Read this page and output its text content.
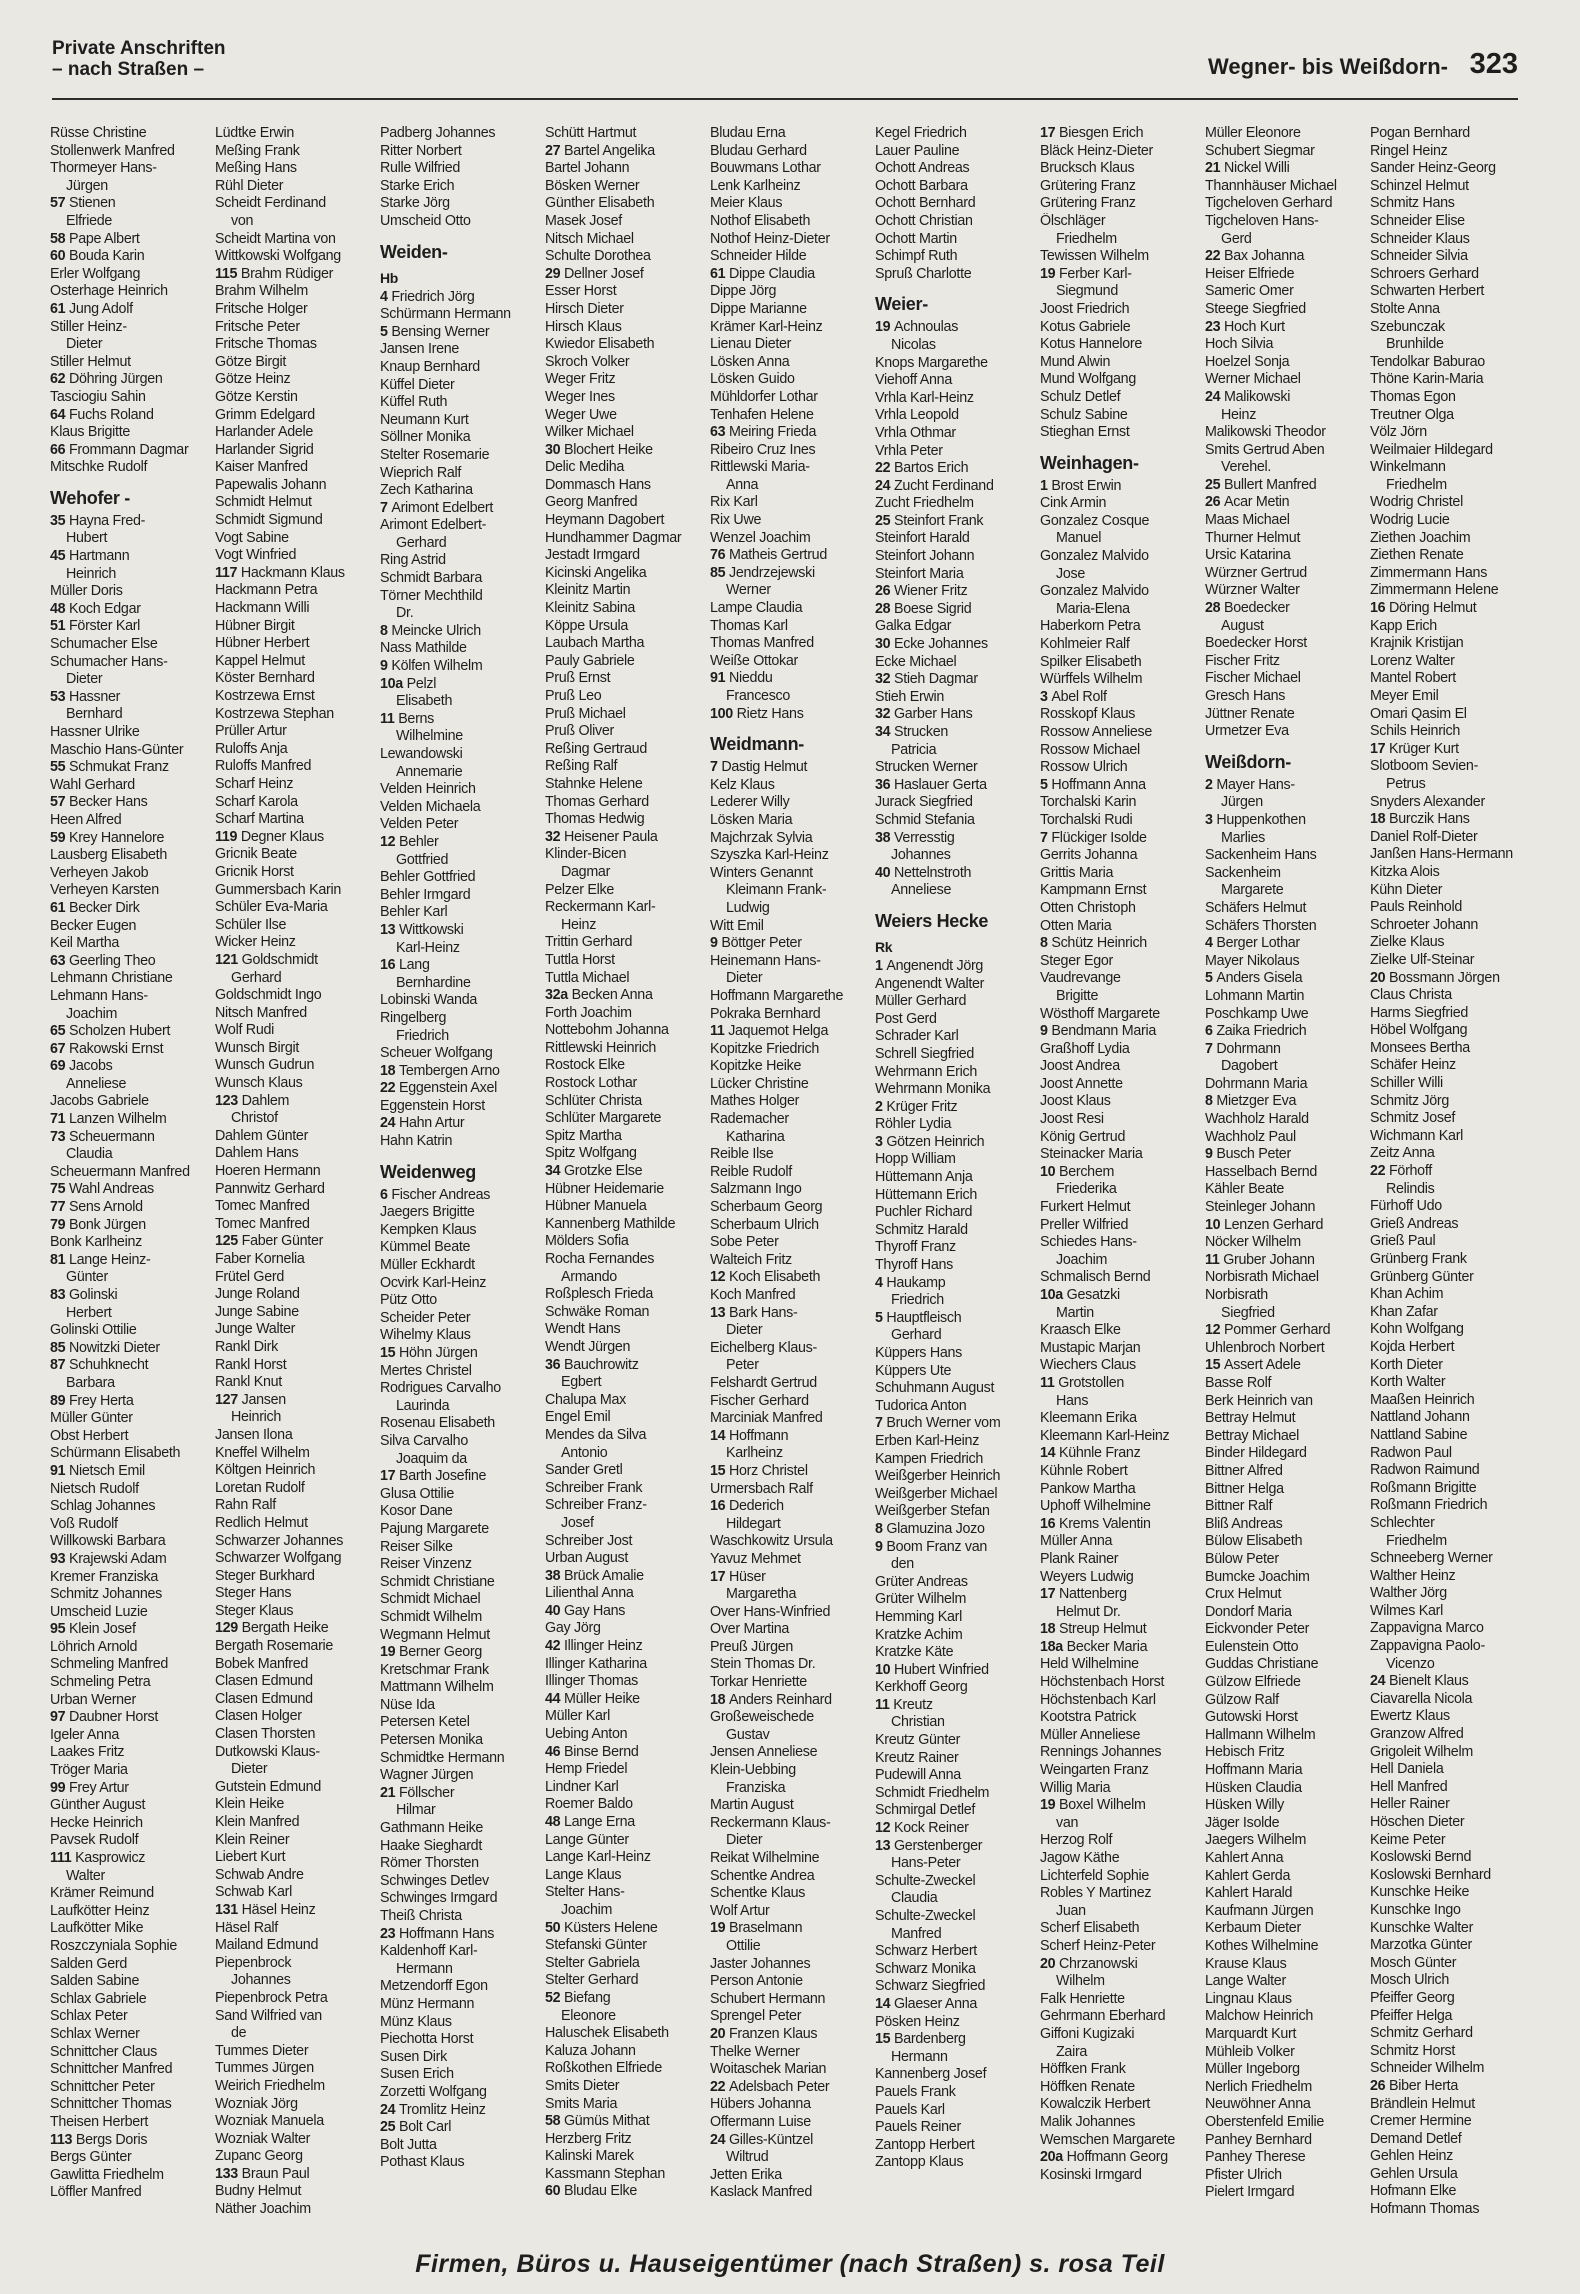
Private Anschriften
– nach Straßen –	Wegner- bis Weißdorn- 323
Rüsse Christine
Stollenwerk Manfred
Thormeyer Hans-
Jürgen
57 Stienen
Elfriede
58 Pape Albert
60 Bouda Karin
Erler Wolfgang
Osterhage Heinrich
61 Jung Adolf
Stiller Heinz-
Dieter
Stiller Helmut
62 Döhring Jürgen
Tasciogiu Sahin
64 Fuchs Roland
Klaus Brigitte
66 Frommann Dagmar
Mitschke Rudolf
Wehofer -
35 Hayna Fred-
Hubert
45 Hartmann
Heinrich
Müller Doris
48 Koch Edgar
51 Förster Karl
Schumacher Else
Schumacher Hans-
Dieter
53 Hassner
Bernhard
Hassner Ulrike
Maschio Hans-Günter
55 Schmukat Franz
Wahl Gerhard
57 Becker Hans
Heen Alfred
59 Krey Hannelore
Lausberg Elisabeth
Verheyen Jakob
Verheyen Karsten
61 Becker Dirk
Becker Eugen
Keil Martha
63 Geerling Theo
Lehmann Christiane
Lehmann Hans-
Joachim
65 Scholzen Hubert
67 Rakowski Ernst
69 Jacobs
Anneliese
Jacobs Gabriele
71 Lanzen Wilhelm
73 Scheuermann
Claudia
Scheuermann Manfred
75 Wahl Andreas
77 Sens Arnold
79 Bonk Jürgen
Bonk Karlheinz
81 Lange Heinz-
Günter
83 Golinski
Herbert
Golinski Ottilie
85 Nowitzki Dieter
87 Schuhknecht
Barbara
89 Frey Herta
Müller Günter
Obst Herbert
Schürmann Elisabeth
91 Nietsch Emil
Nietsch Rudolf
Schlag Johannes
Voß Rudolf
Willkowski Barbara
93 Krajewski Adam
Kremer Franziska
Schmitz Johannes
Umscheid Luzie
95 Klein Josef
Löhrich Arnold
Schmeling Manfred
Schmeling Petra
Urban Werner
97 Daubner Horst
Igeler Anna
Laakes Fritz
Tröger Maria
99 Frey Artur
Günther August
Hecke Heinrich
Pavsek Rudolf
111 Kasprowicz
Walter
Krämer Reimund
Laufkötter Heinz
Laufkötter Mike
Roszczyniala Sophie
Salden Gerd
Salden Sabine
Schlax Gabriele
Schlax Peter
Schlax Werner
Schnittcher Claus
Schnittcher Manfred
Schnittcher Peter
Schnittcher Thomas
Theisen Herbert
113 Bergs Doris
Bergs Günter
Gawlitta Friedhelm
Löffler Manfred
Lüdtke Erwin
Meßing Frank
Meßing Hans
Rühl Dieter
Scheidt Ferdinand
von
Scheidt Martina von
Wittkowski Wolfgang
115 Brahm Rüdiger
Brahm Wilhelm
Fritsche Holger
Fritsche Peter
Fritsche Thomas
Götze Birgit
Götze Heinz
Götze Kerstin
Grimm Edelgard
Harlander Adele
Harlander Sigrid
Kaiser Manfred
Papewalis Johann
Schmidt Helmut
Schmidt Sigmund
Vogt Sabine
Vogt Winfried
117 Hackmann Klaus
Hackmann Petra
Hackmann Willi
Hübner Birgit
Hübner Herbert
Kappel Helmut
Köster Bernhard
Kostrzewa Ernst
Kostrzewa Stephan
Prüller Artur
Ruloffs Anja
Ruloffs Manfred
Scharf Heinz
Scharf Karola
Scharf Martina
119 Degner Klaus
Gricnik Beate
Gricnik Horst
Gummersbach Karin
Schüler Eva-Maria
Schüler Ilse
Wicker Heinz
121 Goldschmidt
Gerhard
Goldschmidt Ingo
Nitsch Manfred
Wolf Rudi
Wunsch Birgit
Wunsch Gudrun
Wunsch Klaus
123 Dahlem
Christof
Dahlem Günter
Dahlem Hans
Hoeren Hermann
Pannwitz Gerhard
Tomec Manfred
Tomec Manfred
125 Faber Günter
Faber Kornelia
Frütel Gerd
Junge Roland
Junge Sabine
Junge Walter
Rankl Dirk
Rankl Horst
Rankl Knut
127 Jansen
Heinrich
Jansen Ilona
Kneffel Wilhelm
Költgen Heinrich
Loretan Rudolf
Rahn Ralf
Redlich Helmut
Schwarzer Johannes
Schwarzer Wolfgang
Steger Burkhard
Steger Hans
Steger Klaus
129 Bergath Heike
Bergath Rosemarie
Bobek Manfred
Clasen Edmund
Clasen Edmund
Clasen Holger
Clasen Thorsten
Dutkowski Klaus-
Dieter
Gutstein Edmund
Klein Heike
Klein Manfred
Klein Reiner
Liebert Kurt
Schwab Andre
Schwab Karl
131 Häsel Heinz
Häsel Ralf
Mailand Edmund
Piepenbrock
Johannes
Piepenbrock Petra
Sand Wilfried van
de
Tummes Dieter
Tummes Jürgen
Weirich Friedhelm
Wozniak Jörg
Wozniak Manuela
Wozniak Walter
Zupanc Georg
133 Braun Paul
Budny Helmut
Näther Joachim
Padberg Johannes
Ritter Norbert
Rulle Wilfried
Starke Erich
Starke Jörg
Umscheid Otto
Weiden-
Hb
4 Friedrich Jörg
Schürmann Hermann
5 Bensing Werner
Jansen Irene
Knaup Bernhard
Küffel Dieter
Küffel Ruth
Neumann Kurt
Söllner Monika
Stelter Rosemarie
Wieprich Ralf
Zech Katharina
7 Arimont Edelbert
Arimont Edelbert-
Gerhard
Ring Astrid
Schmidt Barbara
Törner Mechthild
Dr.
8 Meincke Ulrich
Nass Mathilde
9 Kölfen Wilhelm
10a Pelzl
Elisabeth
11 Berns
Wilhelmine
Lewandowski
Annemarie
Velden Heinrich
Velden Michaela
Velden Peter
12 Behler
Gottfried
Behler Gottfried
Behler Irmgard
Behler Karl
13 Wittkowski
Karl-Heinz
16 Lang
Bernhardine
Lobinski Wanda
Ringelberg
Friedrich
Scheuer Wolfgang
18 Tembergen Arno
22 Eggenstein Axel
Eggenstein Horst
24 Hahn Artur
Hahn Katrin
Weidenweg
6 Fischer Andreas
Jaegers Brigitte
Kempken Klaus
Kümmel Beate
Müller Eckhardt
Ocvirk Karl-Heinz
Pütz Otto
Scheider Peter
Wihelmy Klaus
15 Höhn Jürgen
Mertes Christel
Rodrigues Carvalho
Laurinda
Rosenau Elisabeth
Silva Carvalho
Joaquim da
17 Barth Josefine
Glusa Ottilie
Kosor Dane
Pajung Margarete
Reiser Silke
Reiser Vinzenz
Schmidt Christiane
Schmidt Michael
Schmidt Wilhelm
Wegmann Helmut
19 Berner Georg
Kretschmar Frank
Mattmann Wilhelm
Nüse Ida
Petersen Ketel
Petersen Monika
Schmidtke Hermann
Wagner Jürgen
21 Föllscher
Hilmar
Gathmann Heike
Haake Sieghardt
Römer Thorsten
Schwinges Detlev
Schwinges Irmgard
Theiß Christa
23 Hoffmann Hans
Kaldenhoff Karl-
Hermann
Metzendorff Egon
Münz Hermann
Münz Klaus
Piechotta Horst
Susen Dirk
Susen Erich
Zorzetti Wolfgang
24 Tromlitz Heinz
25 Bolt Carl
Bolt Jutta
Pothast Klaus
Schütt Hartmut
27 Bartel Angelika
Bartel Johann
Bösken Werner
Günther Elisabeth
Masek Josef
Nitsch Michael
Schulte Dorothea
29 Dellner Josef
Esser Horst
Hirsch Dieter
Hirsch Klaus
Kwiedor Elisabeth
Skroch Volker
Weger Fritz
Weger Ines
Weger Uwe
Wilker Michael
30 Blochert Heike
Delic Mediha
Dommasch Hans
Georg Manfred
Heymann Dagobert
Hundhammer Dagmar
Jestadt Irmgard
Kicinski Angelika
Kleinitz Martin
Kleinitz Sabina
Köppe Ursula
Laubach Martha
Pauly Gabriele
Pruß Ernst
Pruß Leo
Pruß Michael
Pruß Oliver
Reßing Gertraud
Reßing Ralf
Stahnke Helene
Thomas Gerhard
Thomas Hedwig
32 Heisener Paula
Klinder-Bicen
Dagmar
Pelzer Elke
Reckermann Karl-
Heinz
Trittin Gerhard
Tuttla Horst
Tuttla Michael
32a Becken Anna
Forth Joachim
Nottebohm Johanna
Rittlewski Heinrich
Rostock Elke
Rostock Lothar
Schlüter Christa
Schlüter Margarete
Spitz Martha
Spitz Wolfgang
34 Grotzke Else
Hübner Heidemarie
Hübner Manuela
Kannenberg Mathilde
Mölders Sofia
Rocha Fernandes
Armando
Roßplesch Frieda
Schwäke Roman
Wendt Hans
Wendt Jürgen
36 Bauchrowitz
Egbert
Chalupa Max
Engel Emil
Mendes da Silva
Antonio
Sander Gretl
Schreiber Frank
Schreiber Franz-
Josef
Schreiber Jost
Urban August
38 Brück Amalie
Lilienthal Anna
40 Gay Hans
Gay Jörg
42 Illinger Heinz
Illinger Katharina
Illinger Thomas
44 Müller Heike
Müller Karl
Uebing Anton
46 Binse Bernd
Hemp Friedel
Lindner Karl
Roemer Baldo
48 Lange Erna
Lange Günter
Lange Karl-Heinz
Lange Klaus
Stelter Hans-
Joachim
50 Küsters Helene
Stefanski Günter
Stelter Gabriela
Stelter Gerhard
52 Biefang
Eleonore
Haluschek Elisabeth
Kaluza Johann
Roßkothen Elfriede
Smits Dieter
Smits Maria
58 Gümüs Mithat
Herzberg Fritz
Kalinski Marek
Kassmann Stephan
60 Bludau Elke
Bludau Erna
Bludau Gerhard
Bouwmans Lothar
Lenk Karlheinz
Meier Klaus
Nothof Elisabeth
Nothof Heinz-Dieter
Schneider Hilde
61 Dippe Claudia
Dippe Jörg
Dippe Marianne
Krämer Karl-Heinz
Lienau Dieter
Lösken Anna
Lösken Guido
Mühldorfer Lothar
Tenhafen Helene
63 Meiring Frieda
Ribeiro Cruz Ines
Rittlewski Maria-
Anna
Rix Karl
Rix Uwe
Wenzel Joachim
76 Matheis Gertrud
85 Jendrzejewski
Werner
Lampe Claudia
Thomas Karl
Thomas Manfred
Weiße Ottokar
91 Nieddu
Francesco
100 Rietz Hans
Weidmann-
7 Dastig Helmut
Kelz Klaus
Lederer Willy
Lösken Maria
Majchrzak Sylvia
Szyszka Karl-Heinz
Winters Genannt
Kleimann Frank-
Ludwig
Witt Emil
9 Böttger Peter
Heinemann Hans-
Dieter
Hoffmann Margarethe
Pokraka Bernhard
11 Jaquemot Helga
Kopitzke Friedrich
Kopitzke Heike
Lücker Christine
Mathes Holger
Rademacher
Katharina
Reible Ilse
Reible Rudolf
Salzmann Ingo
Scherbaum Georg
Scherbaum Ulrich
Sobe Peter
Walteich Fritz
12 Koch Elisabeth
Koch Manfred
13 Bark Hans-
Dieter
Eichelberg Klaus-
Peter
Felshardt Gertrud
Fischer Gerhard
Marciniak Manfred
14 Hoffmann
Karlheinz
15 Horz Christel
Urmersbach Ralf
16 Dederich
Hildegart
Waschkowitz Ursula
Yavuz Mehmet
17 Hüser
Margaretha
Over Hans-Winfried
Over Martina
Preuß Jürgen
Stein Thomas Dr.
Torkar Henriette
18 Anders Reinhard
Großeweischede
Gustav
Jensen Anneliese
Klein-Uebbing
Franziska
Martin August
Reckermann Klaus-
Dieter
Reikat Wilhelmine
Schentke Andrea
Schentke Klaus
Wolf Artur
19 Braselmann
Ottilie
Jaster Johannes
Person Antonie
Schubert Hermann
Sprengel Peter
20 Franzen Klaus
Thelke Werner
Woitaschek Marian
22 Adelsbach Peter
Hübers Johanna
Offermann Luise
24 Gilles-Küntzel
Wiltrud
Jetten Erika
Kaslack Manfred
Kegel Friedrich
Lauer Pauline
Ochott Andreas
Ochott Barbara
Ochott Bernhard
Ochott Christian
Ochott Martin
Schimpf Ruth
Spruß Charlotte
Weier-
19 Achnoulas
Nicolas
Knops Margarethe
Viehoff Anna
Vrhla Karl-Heinz
Vrhla Leopold
Vrhla Othmar
Vrhla Peter
22 Bartos Erich
24 Zucht Ferdinand
Zucht Friedhelm
25 Steinfort Frank
Steinfort Harald
Steinfort Johann
Steinfort Maria
26 Wiener Fritz
28 Boese Sigrid
Galka Edgar
30 Ecke Johannes
Ecke Michael
32 Stieh Dagmar
Stieh Erwin
32 Garber Hans
34 Strucken
Patricia
Strucken Werner
36 Haslauer Gerta
Jurack Siegfried
Schmid Stefania
38 Verresstig
Johannes
40 Nettelnstroth
Anneliese
Weiers Hecke
Rk
1 Angenendt Jörg
Angenendt Walter
Müller Gerhard
Post Gerd
Schrader Karl
Schrell Siegfried
Wehrmann Erich
Wehrmann Monika
2 Krüger Fritz
Röhler Lydia
3 Götzen Heinrich
Hopp William
Hüttemann Anja
Hüttemann Erich
Puchler Richard
Schmitz Harald
Thyroff Franz
Thyroff Hans
4 Haukamp
Friedrich
5 Hauptfleisch
Gerhard
Küppers Hans
Küppers Ute
Schuhmann August
Tudorica Anton
7 Bruch Werner vom
Erben Karl-Heinz
Kampen Friedrich
Weißgerber Heinrich
Weißgerber Michael
Weißgerber Stefan
8 Glamuzina Jozo
9 Boom Franz van
den
Grüter Andreas
Grüter Wilhelm
Hemming Karl
Kratzke Achim
Kratzke Käte
10 Hubert Winfried
Kerkhoff Georg
11 Kreutz
Christian
Kreutz Günter
Kreutz Rainer
Pudewill Anna
Schmidt Friedhelm
Schmirgal Detlef
12 Kock Reiner
13 Gerstenberger
Hans-Peter
Schulte-Zweckel
Claudia
Schulte-Zweckel
Manfred
Schwarz Herbert
Schwarz Monika
Schwarz Siegfried
14 Glaeser Anna
Pösken Heinz
15 Bardenberg
Hermann
Kannenberg Josef
Pauels Frank
Pauels Karl
Pauels Reiner
Zantopp Herbert
Zantopp Klaus
17 Biesgen Erich
Bläck Heinz-Dieter
Brucksch Klaus
Grütering Franz
Grütering Franz
Ölschläger
Friedhelm
Tewissen Wilhelm
19 Ferber Karl-
Siegmund
Joost Friedrich
Kotus Gabriele
Kotus Hannelore
Mund Alwin
Mund Wolfgang
Schulz Detlef
Schulz Sabine
Stieghan Ernst
Weinhagen-
1 Brost Erwin
Cink Armin
Gonzalez Cosque
Manuel
Gonzalez Malvido
Jose
Gonzalez Malvido
Maria-Elena
Haberkorn Petra
Kohlmeier Ralf
Spilker Elisabeth
Würffels Wilhelm
3 Abel Rolf
Rosskopf Klaus
Rossow Anneliese
Rossow Michael
Rossow Ulrich
5 Hoffmann Anna
Torchalski Karin
Torchalski Rudi
7 Flückiger Isolde
Gerrits Johanna
Grittis Maria
Kampmann Ernst
Otten Christoph
Otten Maria
8 Schütz Heinrich
Steger Egor
Vaudrevange
Brigitte
Wösthoff Margarete
9 Bendmann Maria
Graßhoff Lydia
Joost Andrea
Joost Annette
Joost Klaus
Joost Resi
König Gertrud
Steinacker Maria
10 Berchem
Friederika
Furkert Helmut
Preller Wilfried
Schiedes Hans-
Joachim
Schmalisch Bernd
10a Gesatzki
Martin
Kraasch Elke
Mustapic Marjan
Wiechers Claus
11 Grotstollen
Hans
Kleemann Erika
Kleemann Karl-Heinz
14 Kühnle Franz
Kühnle Robert
Pankow Martha
Uphoff Wilhelmine
16 Krems Valentin
Müller Anna
Plank Rainer
Weyers Ludwig
17 Nattenberg
Helmut Dr.
18 Streup Helmut
18a Becker Maria
Held Wilhelmine
Höchstenbach Horst
Höchstenbach Karl
Kootstra Patrick
Müller Anneliese
Rennings Johannes
Weingarten Franz
Willig Maria
19 Boxel Wilhelm
van
Herzog Rolf
Jagow Käthe
Lichterfeld Sophie
Robles Y Martinez
Juan
Scherf Elisabeth
Scherf Heinz-Peter
20 Chrzanowski
Wilhelm
Falk Henriette
Gehrmann Eberhard
Giffoni Kugizaki
Zaira
Höffken Frank
Höffken Renate
Kowalczik Herbert
Malik Johannes
Wemschen Margarete
20a Hoffmann Georg
Kosinski Irmgard
Müller Eleonore
Schubert Siegmar
21 Nickel Willi
Thannhäuser Michael
Tigcheloven Gerhard
Tigcheloven Hans-
Gerd
22 Bax Johanna
Heiser Elfriede
Sameric Omer
Steege Siegfried
23 Hoch Kurt
Hoch Silvia
Hoelzel Sonja
Werner Michael
24 Malikowski
Heinz
Malikowski Theodor
Smits Gertrud Aben
Verehel.
25 Bullert Manfred
26 Acar Metin
Maas Michael
Thurner Helmut
Ursic Katarina
Würzner Gertrud
Würzner Walter
28 Boedecker
August
Boedecker Horst
Fischer Fritz
Fischer Michael
Gresch Hans
Jüttner Renate
Urmetzer Eva
Weißdorn-
2 Mayer Hans-
Jürgen
3 Huppenkothen
Marlies
Sackenheim Hans
Sackenheim
Margarete
Schäfers Helmut
Schäfers Thorsten
4 Berger Lothar
Mayer Nikolaus
5 Anders Gisela
Lohmann Martin
Poschkamp Uwe
6 Zaika Friedrich
7 Dohrmann
Dagobert
Dohrmann Maria
8 Mietzger Eva
Wachholz Harald
Wachholz Paul
9 Busch Peter
Hasselbach Bernd
Kähler Beate
Steinleger Johann
10 Lenzen Gerhard
Nöcker Wilhelm
11 Gruber Johann
Norbisrath Michael
Norbisrath
Siegfried
12 Pommer Gerhard
Uhlenbroch Norbert
15 Assert Adele
Basse Rolf
Berk Heinrich van
Bettray Helmut
Bettray Michael
Binder Hildegard
Bittner Alfred
Bittner Helga
Bittner Ralf
Bliß Andreas
Bülow Elisabeth
Bülow Peter
Bumcke Joachim
Crux Helmut
Dondorf Maria
Eickvonder Peter
Eulenstein Otto
Guddas Christiane
Gülzow Elfriede
Gülzow Ralf
Gutowski Horst
Hallmann Wilhelm
Hebisch Fritz
Hoffmann Maria
Hüsken Claudia
Hüsken Willy
Jäger Isolde
Jaegers Wilhelm
Kahlert Anna
Kahlert Gerda
Kahlert Harald
Kaufmann Jürgen
Kerbaum Dieter
Kothes Wilhelmine
Krause Klaus
Lange Walter
Lingnau Klaus
Malchow Heinrich
Marquardt Kurt
Mühleib Volker
Müller Ingeborg
Nerlich Friedhelm
Neuwöhner Anna
Oberstenfeld Emilie
Panhey Bernhard
Panhey Therese
Pfister Ulrich
Pielert Irmgard
Pogan Bernhard
Ringel Heinz
Sander Heinz-Georg
Schinzel Helmut
Schmitz Hans
Schneider Elise
Schneider Klaus
Schneider Silvia
Schroers Gerhard
Schwarten Herbert
Stolte Anna
Szebunczak
Brunhilde
Tendolkar Baburao
Thöne Karin-Maria
Thomas Egon
Treutner Olga
Völz Jörn
Weilmaier Hildegard
Winkelmann
Friedhelm
Wodrig Christel
Wodrig Lucie
Ziethen Joachim
Ziethen Renate
Zimmermann Hans
Zimmermann Helene
16 Döring Helmut
Kapp Erich
Krajnik Kristijan
Lorenz Walter
Mantel Robert
Meyer Emil
Omari Qasim El
Schils Heinrich
17 Krüger Kurt
Slotboom Sevien-
Petrus
Snyders Alexander
18 Burczik Hans
Daniel Rolf-Dieter
Janßen Hans-Hermann
Kitzka Alois
Kühn Dieter
Pauls Reinhold
Schroeter Johann
Zielke Klaus
Zielke Ulf-Steinar
20 Bossmann Jörgen
Claus Christa
Harms Siegfried
Höbel Wolfgang
Monsees Bertha
Schäfer Heinz
Schiller Willi
Schmitz Jörg
Schmitz Josef
Wichmann Karl
Zeitz Anna
22 Förhoff
Relindis
Fürhoff Udo
Grieß Andreas
Grieß Paul
Grünberg Frank
Grünberg Günter
Khan Achim
Khan Zafar
Kohn Wolfgang
Kojda Herbert
Korth Dieter
Korth Walter
Maaßen Heinrich
Nattland Johann
Nattland Sabine
Radwon Paul
Radwon Raimund
Roßmann Brigitte
Roßmann Friedrich
Schlechter
Friedhelm
Schneeberg Werner
Walther Heinz
Walther Jörg
Wilmes Karl
Zappavigna Marco
Zappavigna Paolo-
Vicenzo
24 Bienelt Klaus
Ciavarella Nicola
Ewertz Klaus
Granzow Alfred
Grigoleit Wilhelm
Hell Daniela
Hell Manfred
Heller Rainer
Höschen Dieter
Keime Peter
Koslowski Bernd
Koslowski Bernhard
Kunschke Heike
Kunschke Ingo
Kunschke Walter
Marzotka Günter
Mosch Günter
Mosch Ulrich
Pfeiffer Georg
Pfeiffer Helga
Schmitz Gerhard
Schmitz Horst
Schneider Wilhelm
26 Biber Herta
Brändlein Helmut
Cremer Hermine
Demand Detlef
Gehlen Heinz
Gehlen Ursula
Hofmann Elke
Hofmann Thomas
Firmen, Büros u. Hauseigentümer (nach Straßen) s. rosa Teil
